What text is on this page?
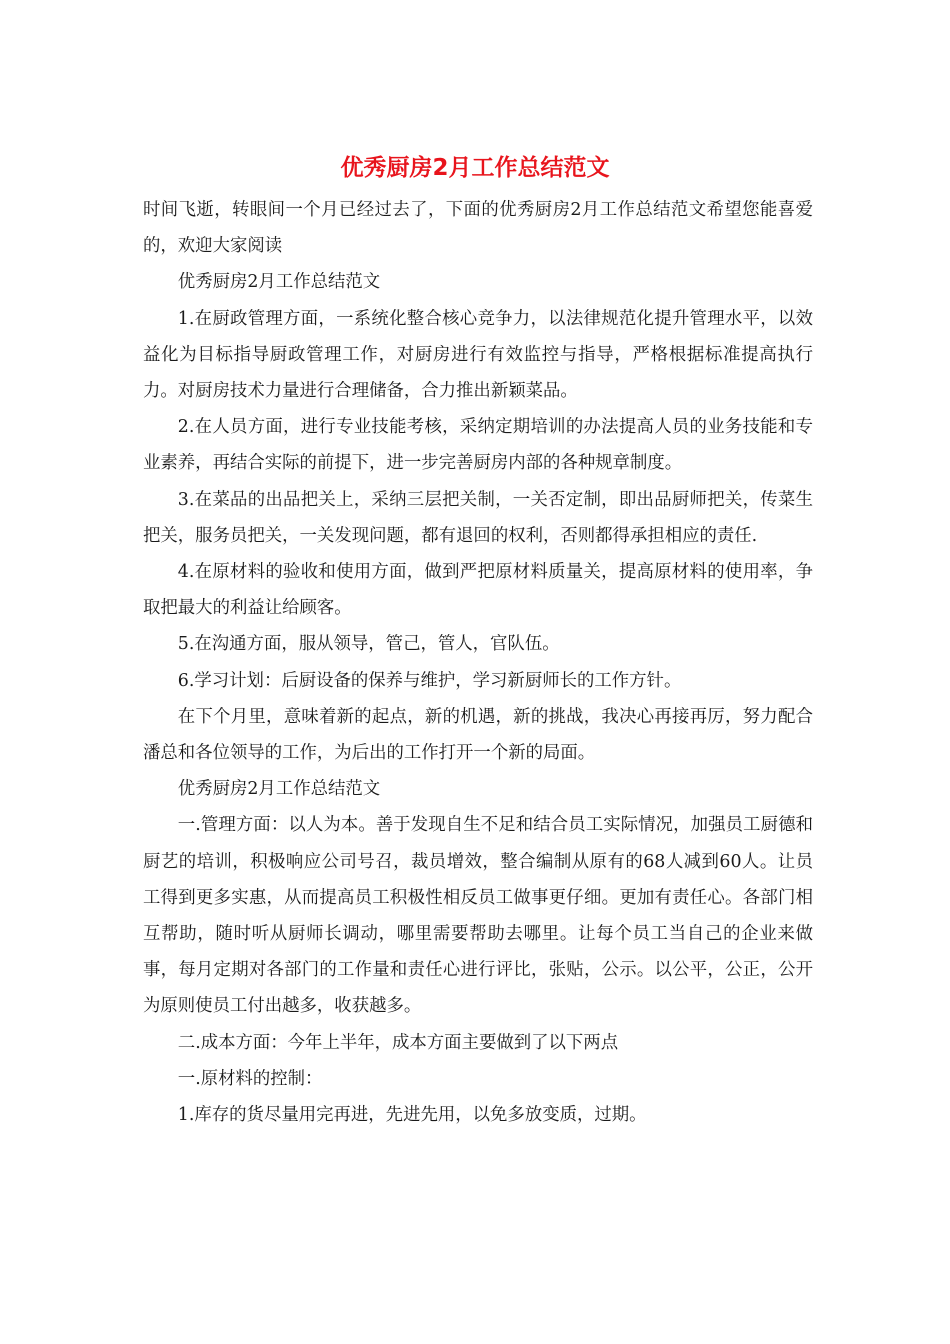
优秀厨房2月工作总结范文

时间飞逝，转眼间一个月已经过去了，下面的优秀厨房2月工作总结范文希望您能喜爱的，欢迎大家阅读

优秀厨房2月工作总结范文

1.在厨政管理方面，一系统化整合核心竞争力，以法律规范化提升管理水平，以效益化为目标指导厨政管理工作，对厨房进行有效监控与指导，严格根据标准提高执行力。对厨房技术力量进行合理储备，合力推出新颖菜品。

2.在人员方面，进行专业技能考核，采纳定期培训的办法提高人员的业务技能和专业素养，再结合实际的前提下，进一步完善厨房内部的各种规章制度。

3.在菜品的出品把关上，采纳三层把关制，一关否定制，即出品厨师把关，传菜生把关，服务员把关，一关发现问题，都有退回的权利，否则都得承担相应的责任.

4.在原材料的验收和使用方面，做到严把原材料质量关，提高原材料的使用率，争取把最大的利益让给顾客。

5.在沟通方面，服从领导，管己，管人，官队伍。

6.学习计划：后厨设备的保养与维护，学习新厨师长的工作方针。

在下个月里，意味着新的起点，新的机遇，新的挑战，我决心再接再厉，努力配合潘总和各位领导的工作，为后出的工作打开一个新的局面。

优秀厨房2月工作总结范文

一.管理方面：以人为本。善于发现自生不足和结合员工实际情况，加强员工厨德和厨艺的培训，积极响应公司号召，裁员增效，整合编制从原有的68人减到60人。让员工得到更多实惠，从而提高员工积极性相反员工做事更仔细。更加有责任心。各部门相互帮助，随时听从厨师长调动，哪里需要帮助去哪里。让每个员工当自己的企业来做事，每月定期对各部门的工作量和责任心进行评比，张贴，公示。以公平，公正，公开为原则使员工付出越多，收获越多。

二.成本方面：今年上半年，成本方面主要做到了以下两点

一.原材料的控制：

1.库存的货尽量用完再进，先进先用，以免多放变质，过期。
